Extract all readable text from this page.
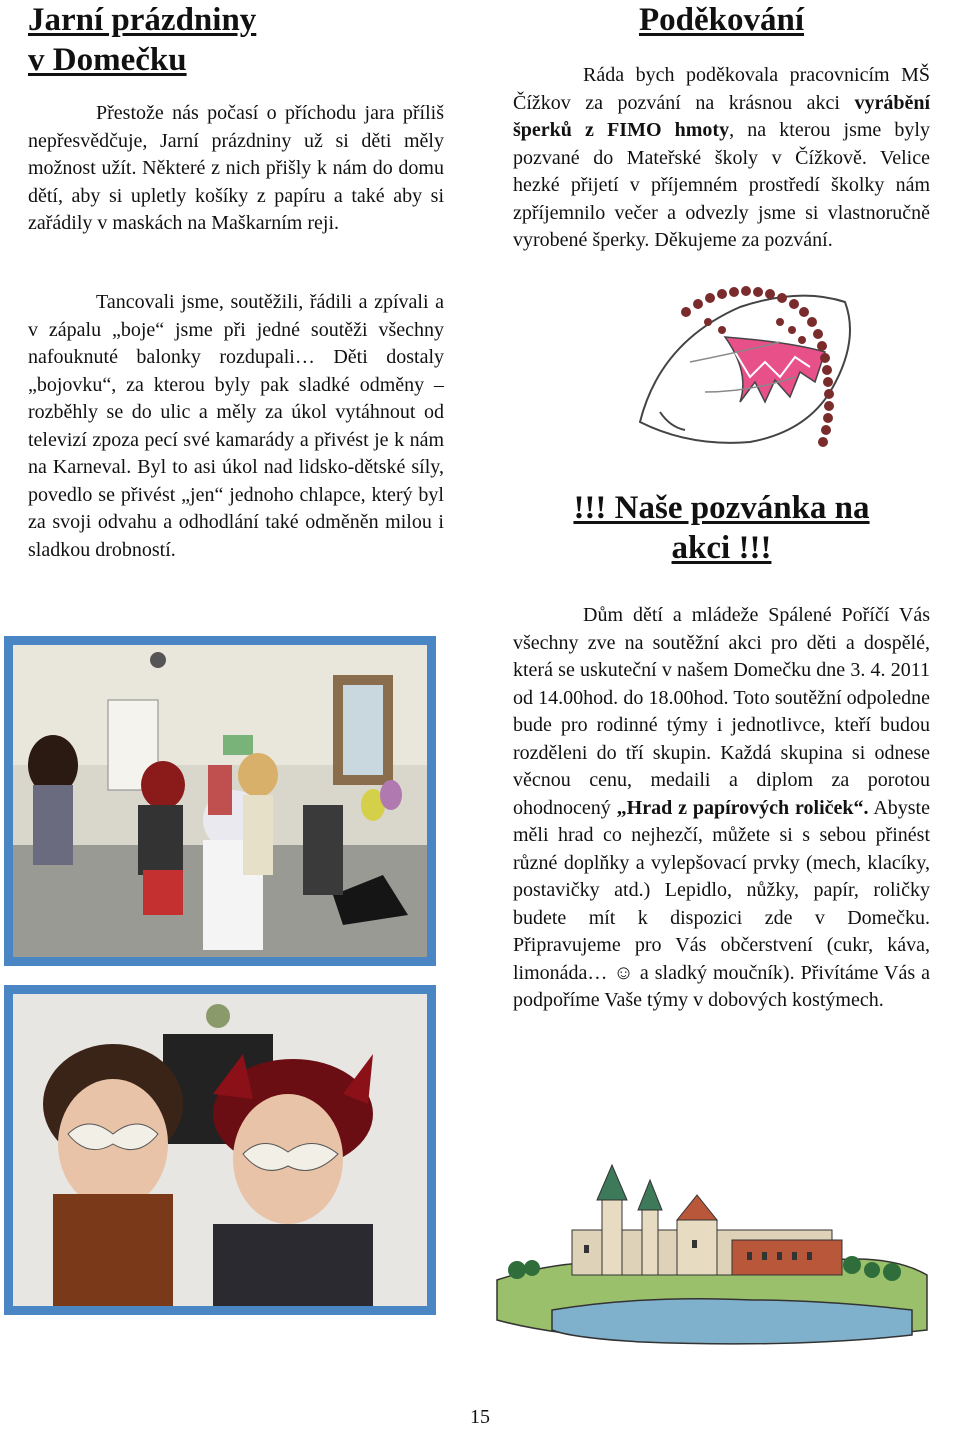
Jarní prázdniny
v Domečku

Přestože nás počasí o příchodu jara příliš nepřesvědčuje, Jarní prázdniny už si děti měly možnost užít. Některé z nich přišly k nám do domu dětí, aby si upletly košíky z papíru a také aby si zařádily v maskách na Maškarním reji.

Tancovali jsme, soutěžili, řádili a zpívali a v zápalu „boje“ jsme při jedné soutěži všechny nafouknuté balonky rozdupali… Děti dostaly „bojovku“, za kterou byly pak sladké odměny – rozběhly se do ulic a měly za úkol vytáhnout od televizí zpoza pecí své kamarády a přivést je k nám na Karneval. Byl to asi úkol nad lidsko-dětské síly, povedlo se přivést „jen“ jednoho chlapce, který byl za svoji odvahu a odhodlání také odměněn milou i sladkou drobností.

Poděkování

Ráda bych poděkovala pracovnicím MŠ Čížkov za pozvání na krásnou akci vyrábění šperků z FIMO hmoty, na kterou jsme byly pozvané do Mateřské školy v Čížkově. Velice hezké přijetí v příjemném prostředí školky nám zpříjemnilo večer a odvezly jsme si vlastnoručně vyrobené šperky. Děkujeme za pozvání.

!!! Naše pozvánka na
akci !!!

Dům dětí a mládeže Spálené Poříčí Vás všechny zve na soutěžní akci pro děti a dospělé, která se uskuteční v našem Domečku dne 3. 4. 2011 od 14.00hod. do 18.00hod. Toto soutěžní odpoledne bude pro rodinné týmy i jednotlivce, kteří budou rozděleni do tří skupin. Každá skupina si odnese věcnou cenu, medaili a diplom za porotou ohodnocený „Hrad z papírových roliček“. Abyste měli hrad co nejhezčí, můžete si s sebou přinést různé doplňky a vylepšovací prvky (mech, klacíky, postavičky atd.) Lepidlo, nůžky, papír, roličky budete mít k dispozici zde v Domečku. Připravujeme pro Vás občerstvení (cukr, káva, limonáda… ☺ a sladký moučník). Přivítáme Vás a podpoříme Vaše týmy v dobových kostýmech.

15
